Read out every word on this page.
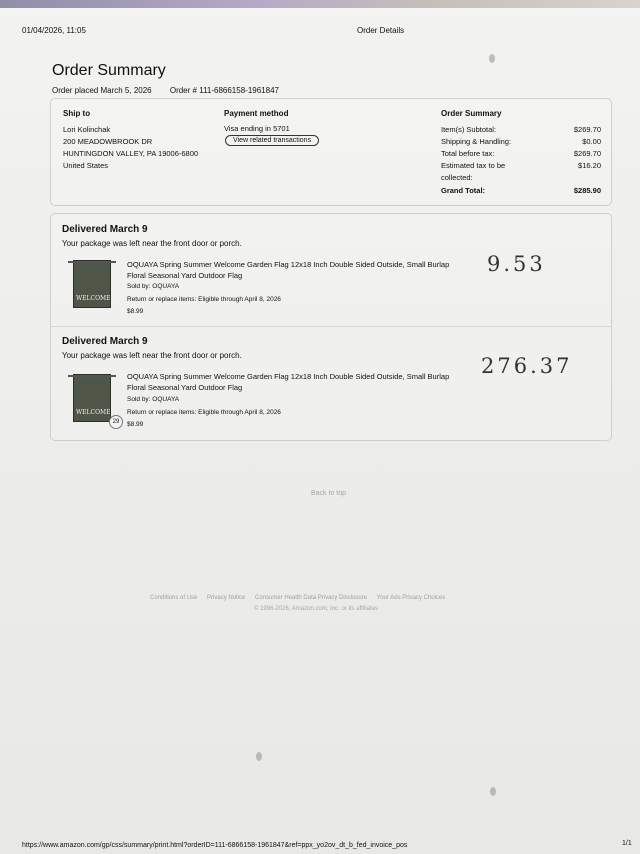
01/04/2026, 11:05	Order Details
Order Summary
Order placed March 5, 2026 Order # 111-6866158-1961847
Ship to
Lori Kolinchak
200 MEADOWBROOK DR
HUNTINGDON VALLEY, PA 19006-6800
United States
Payment method
Visa ending in 5701
View related transactions
Order Summary
Item(s) Subtotal:	$269.70
Shipping & Handling:	$0.00
Total before tax:	$269.70
Estimated tax to be	$16.20
collected:
Grand Total:	$285.90
Delivered March 9
Your package was left near the front door or porch.
WELCOME
OQUAYA Spring Summer Welcome Garden Flag 12x18 Inch Double Sided Outside, Small Burlap Floral Seasonal Yard Outdoor Flag
Sold by: OQUAYA
Return or replace items: Eligible through April 8, 2026
$8.99
9.53
Delivered March 9
Your package was left near the front door or porch.
WELCOME
29
OQUAYA Spring Summer Welcome Garden Flag 12x18 Inch Double Sided Outside, Small Burlap Floral Seasonal Yard Outdoor Flag
Sold by: OQUAYA
Return or replace items: Eligible through April 8, 2026
$8.99
276.37
Back to top
Conditions of Use Privacy Notice Consumer Health Data Privacy Disclosure Your Ads Privacy Choices
© 1996-2026, Amazon.com, Inc. or its affiliates
https://www.amazon.com/gp/css/summary/print.html?orderID=111-6866158-1961847&ref=ppx_yo2ov_dt_b_fed_invoice_pos	1/1
